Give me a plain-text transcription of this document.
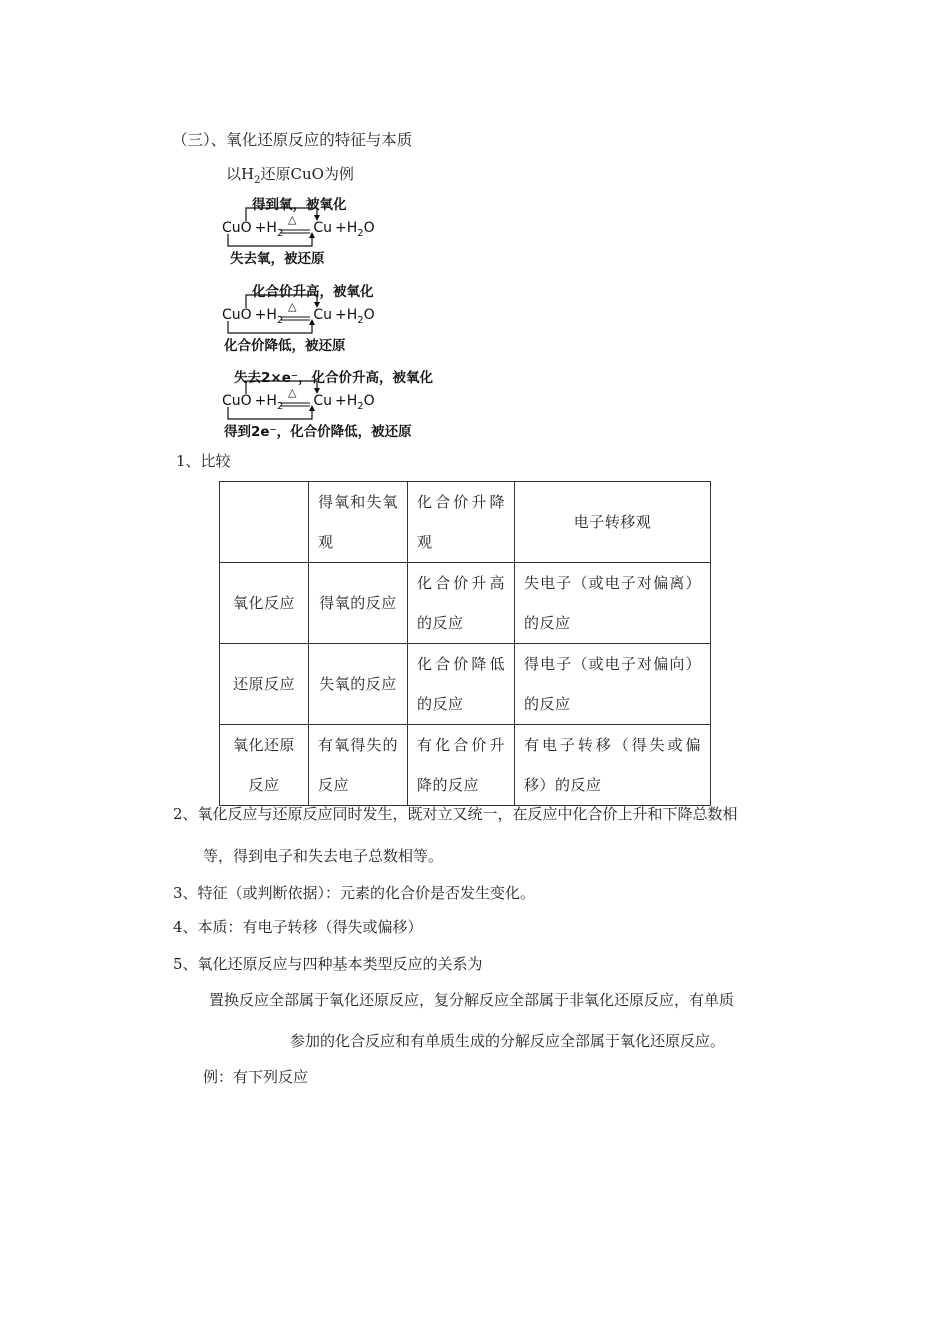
（三）、氧化还原反应的特征与本质
以$H_2$还原CuO为例
得到氧，被氧化
CuO $+H_2$ $Cu +H_2O$
△
失去氧，被还原
化合价升高，被氧化
CuO $+H_2$ $Cu +H_2O$
△
化合价降低，被还原
失去2×e⁻，化合价升高，被氧化
CuO $+H_2$ $Cu +H_2O$
△
得到2e⁻，化合价降低，被还原
1、比较
	得氧和失氧观	化合价升降观	电子转移观
氧化反应	得氧的反应	化合价升高的反应	失电子（或电子对偏离）的反应
还原反应	失氧的反应	化合价降低的反应	得电子（或电子对偏向）的反应
氧化还原反应	有氧得失的反应	有化合价升降的反应	有电子转移（得失或偏移）的反应
2、氧化反应与还原反应同时发生，既对立又统一，在反应中化合价上升和下降总数相
等，得到电子和失去电子总数相等。
3、特征（或判断依据）：元素的化合价是否发生变化。
4、本质：有电子转移（得失或偏移）
5、氧化还原反应与四种基本类型反应的关系为
置换反应全部属于氧化还原反应，复分解反应全部属于非氧化还原反应，有单质
参加的化合反应和有单质生成的分解反应全部属于氧化还原反应。
例：有下列反应
